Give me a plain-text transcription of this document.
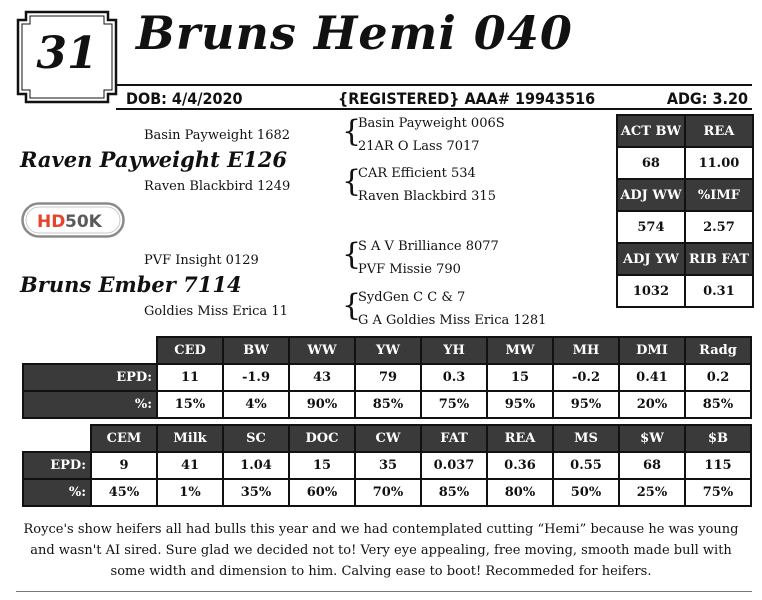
31 Bruns Hemi 040
DOB: 4/4/2020	{REGISTERED} AAA# 19943516	ADG: 3.20
Basin Payweight 1682
Raven Payweight E126
Raven Blackbird 1249
{
Basin Payweight 006S
21AR O Lass 7017
{
CAR Efficient 534
Raven Blackbird 315
HD 50K
PVF Insight 0129
Bruns Ember 7114
Goldies Miss Erica 11
{
S A V Brilliance 8077
PVF Missie 790
{
SydGen C C & 7
G A Goldies Miss Erica 1281
ACT BW	REA
68	11.00
ADJ WW	%IMF
574	2.57
ADJ YW	RIB FAT
1032	0.31
	CED	BW	WW	YW	YH	MW	MH	DMI	Radg
EPD:	11	-1.9	43	79	0.3	15	-0.2	0.41	0.2
%:	15%	4%	90%	85%	75%	95%	95%	20%	85%
	CEM	Milk	SC	DOC	CW	FAT	REA	MS	$W	$B
EPD:	9	41	1.04	15	35	0.037	0.36	0.55	68	115
%:	45%	1%	35%	60%	70%	85%	80%	50%	25%	75%

Royce's show heifers all had bulls this year and we had contemplated cutting “Hemi” because he was young and wasn't AI sired. Sure glad we decided not to! Very eye appealing, free moving, smooth made bull with some width and dimension to him. Calving ease to boot! Recommeded for heifers.
